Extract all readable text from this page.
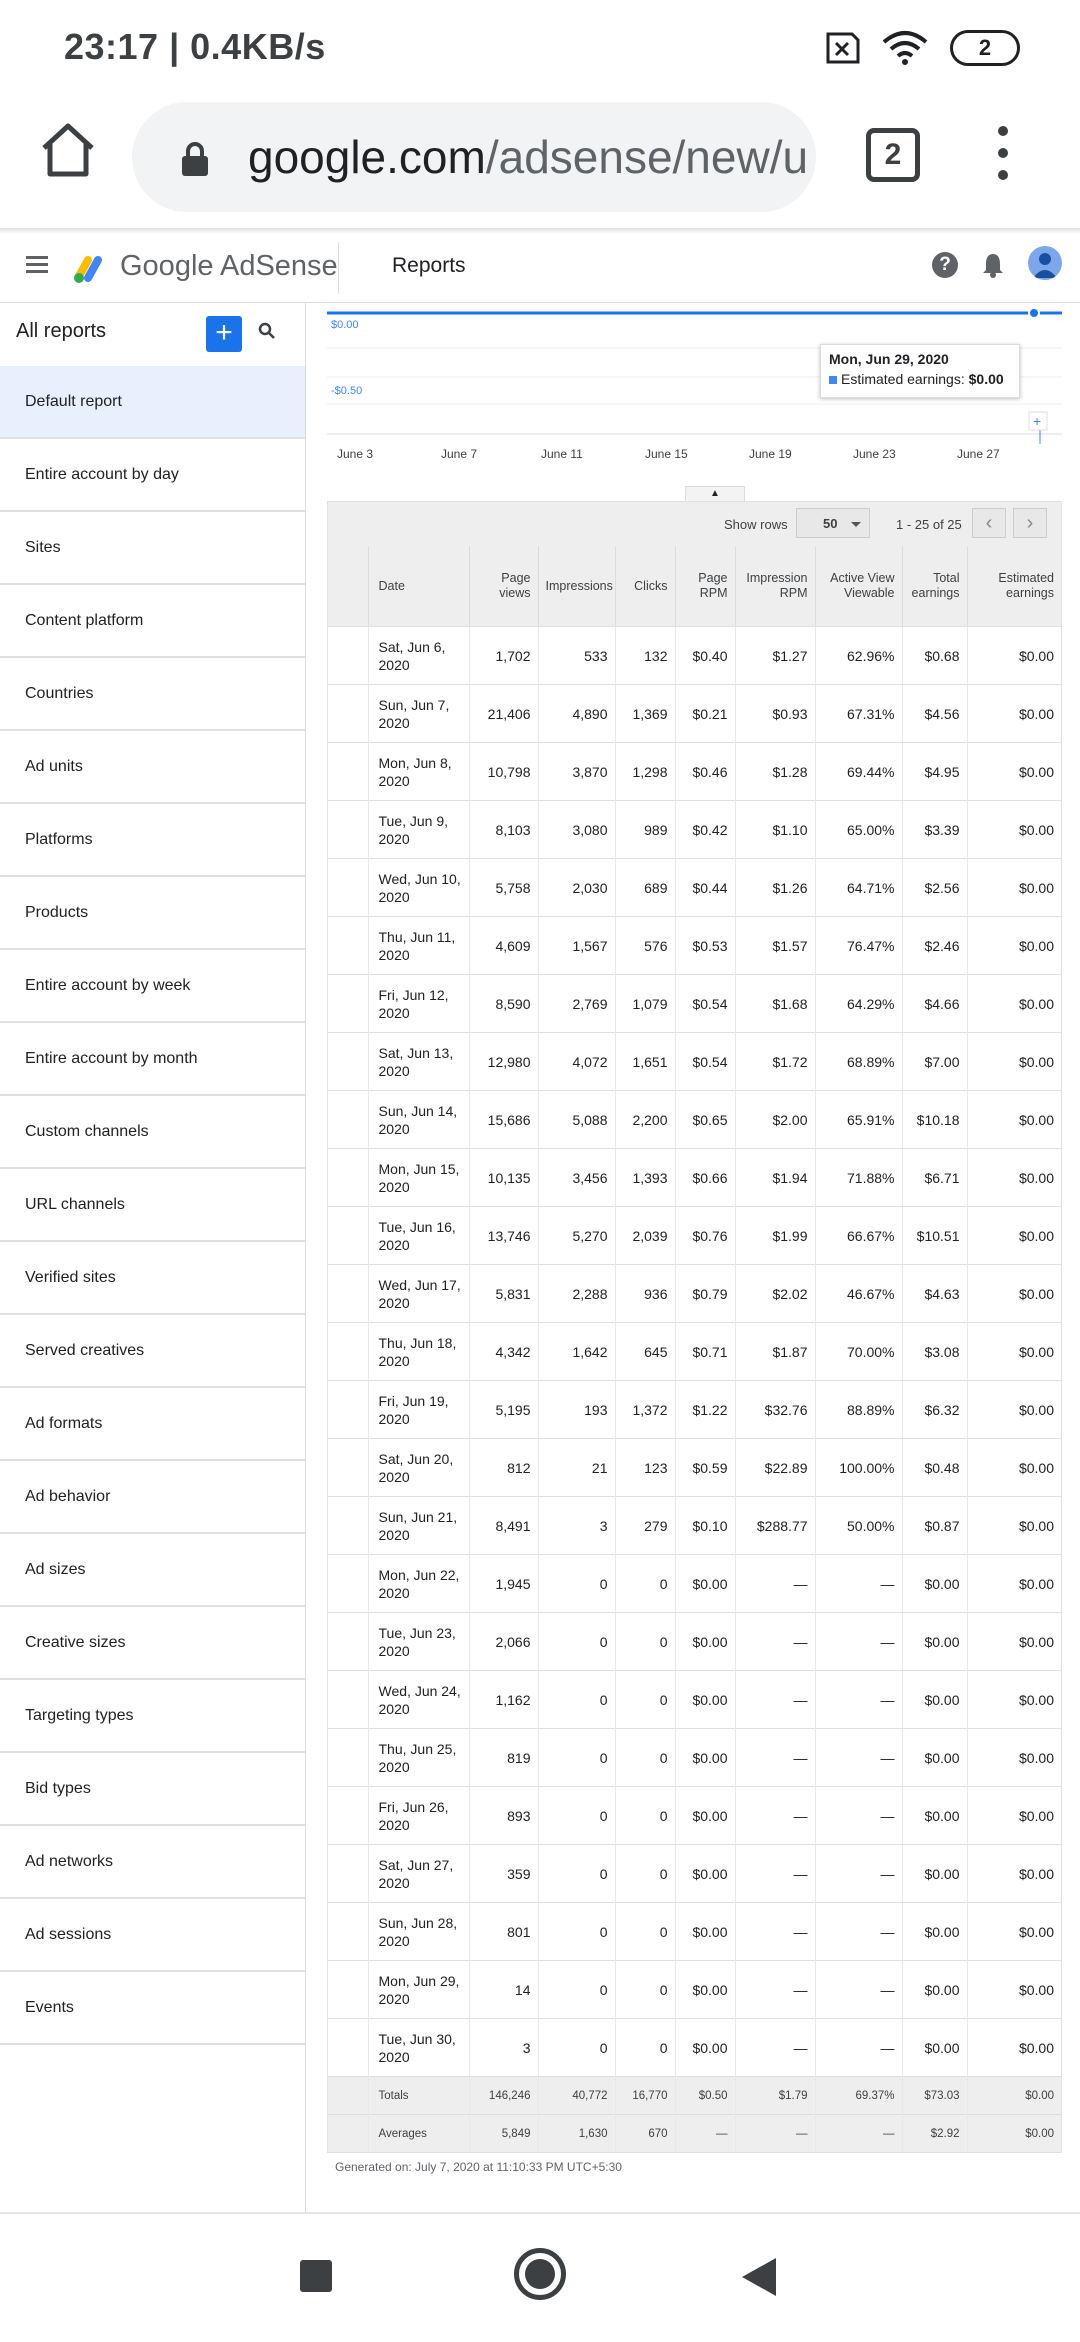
23:17 | 0.4KB/s	2
google.com/adsense/new/u	2
Google AdSense	Reports	?
All reports	+
Default report
Entire account by day
Sites
Content platform
Countries
Ad units
Platforms
Products
Entire account by week
Entire account by month
Custom channels
URL channels
Verified sites
Served creatives
Ad formats
Ad behavior
Ad sizes
Creative sizes
Targeting types
Bid types
Ad networks
Ad sessions
Events
$0.00
-$0.50
June 3	June 7	June 11	June 15	June 19	June 23	June 27
+
Mon, Jun 29, 2020
Estimated earnings: $0.00
▲
Show rows	50	1 - 25 of 25	‹	›
	Date	Page views	Impressions	Clicks	Page RPM	Impression RPM	Active View Viewable	Total earnings	Estimated earnings
	Sat, Jun 6, 2020	1,702	533	132	$0.40	$1.27	62.96%	$0.68	$0.00
	Sun, Jun 7, 2020	21,406	4,890	1,369	$0.21	$0.93	67.31%	$4.56	$0.00
	Mon, Jun 8, 2020	10,798	3,870	1,298	$0.46	$1.28	69.44%	$4.95	$0.00
	Tue, Jun 9, 2020	8,103	3,080	989	$0.42	$1.10	65.00%	$3.39	$0.00
	Wed, Jun 10, 2020	5,758	2,030	689	$0.44	$1.26	64.71%	$2.56	$0.00
	Thu, Jun 11, 2020	4,609	1,567	576	$0.53	$1.57	76.47%	$2.46	$0.00
	Fri, Jun 12, 2020	8,590	2,769	1,079	$0.54	$1.68	64.29%	$4.66	$0.00
	Sat, Jun 13, 2020	12,980	4,072	1,651	$0.54	$1.72	68.89%	$7.00	$0.00
	Sun, Jun 14, 2020	15,686	5,088	2,200	$0.65	$2.00	65.91%	$10.18	$0.00
	Mon, Jun 15, 2020	10,135	3,456	1,393	$0.66	$1.94	71.88%	$6.71	$0.00
	Tue, Jun 16, 2020	13,746	5,270	2,039	$0.76	$1.99	66.67%	$10.51	$0.00
	Wed, Jun 17, 2020	5,831	2,288	936	$0.79	$2.02	46.67%	$4.63	$0.00
	Thu, Jun 18, 2020	4,342	1,642	645	$0.71	$1.87	70.00%	$3.08	$0.00
	Fri, Jun 19, 2020	5,195	193	1,372	$1.22	$32.76	88.89%	$6.32	$0.00
	Sat, Jun 20, 2020	812	21	123	$0.59	$22.89	100.00%	$0.48	$0.00
	Sun, Jun 21, 2020	8,491	3	279	$0.10	$288.77	50.00%	$0.87	$0.00
	Mon, Jun 22, 2020	1,945	0	0	$0.00	—	—	$0.00	$0.00
	Tue, Jun 23, 2020	2,066	0	0	$0.00	—	—	$0.00	$0.00
	Wed, Jun 24, 2020	1,162	0	0	$0.00	—	—	$0.00	$0.00
	Thu, Jun 25, 2020	819	0	0	$0.00	—	—	$0.00	$0.00
	Fri, Jun 26, 2020	893	0	0	$0.00	—	—	$0.00	$0.00
	Sat, Jun 27, 2020	359	0	0	$0.00	—	—	$0.00	$0.00
	Sun, Jun 28, 2020	801	0	0	$0.00	—	—	$0.00	$0.00
	Mon, Jun 29, 2020	14	0	0	$0.00	—	—	$0.00	$0.00
	Tue, Jun 30, 2020	3	0	0	$0.00	—	—	$0.00	$0.00
	Totals	146,246	40,772	16,770	$0.50	$1.79	69.37%	$73.03	$0.00
	Averages	5,849	1,630	670	—	—	—	$2.92	$0.00
Generated on: July 7, 2020 at 11:10:33 PM UTC+5:30
